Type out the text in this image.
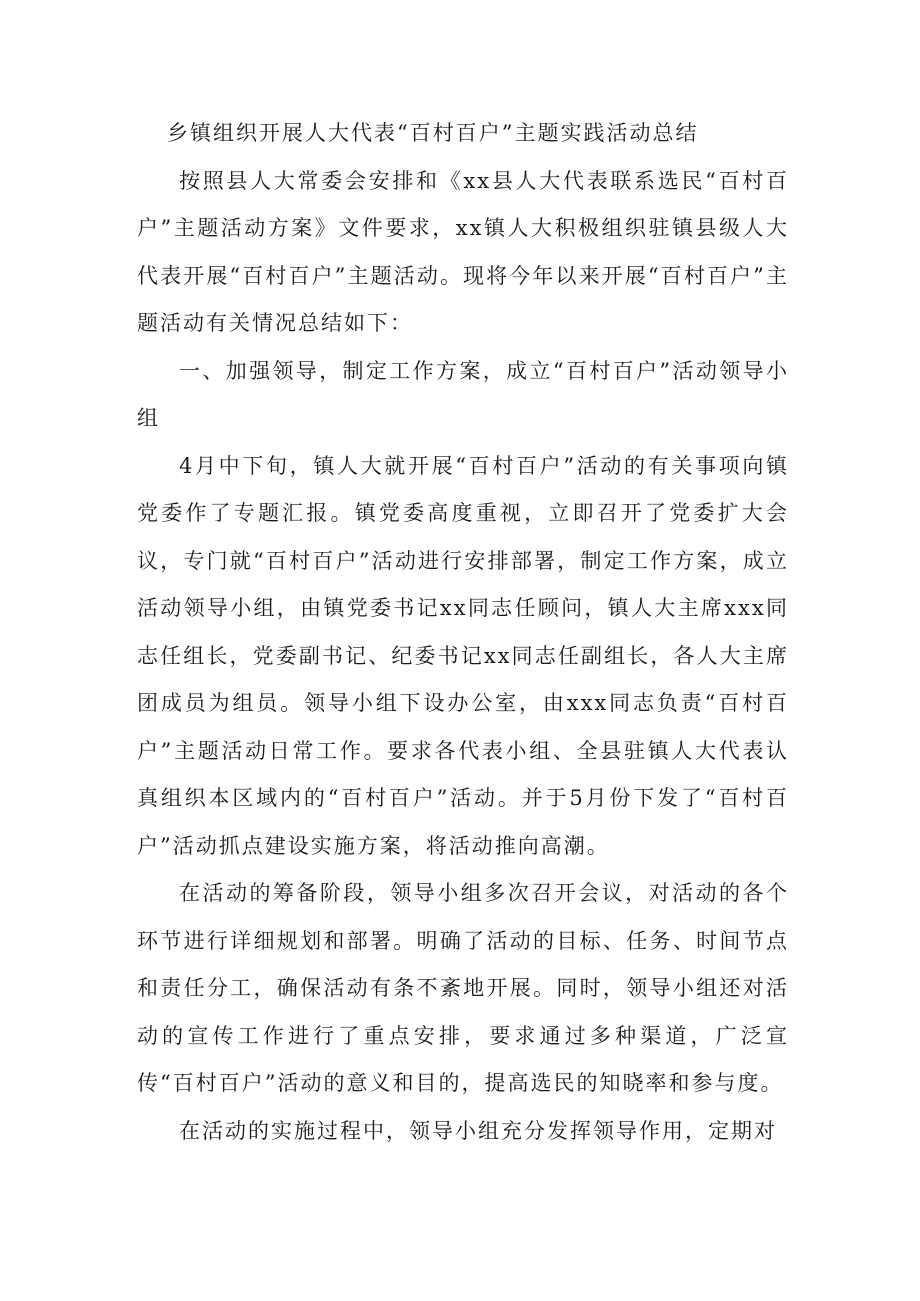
乡镇组织开展人大代表“百村百户”主题实践活动总结

按照县人大常委会安排和《xx县人大代表联系选民“百村百户”主题活动方案》文件要求，xx镇人大积极组织驻镇县级人大代表开展“百村百户”主题活动。现将今年以来开展“百村百户”主题活动有关情况总结如下：

一、加强领导，制定工作方案，成立“百村百户”活动领导小组

4月中下旬，镇人大就开展“百村百户”活动的有关事项向镇党委作了专题汇报。镇党委高度重视，立即召开了党委扩大会议，专门就“百村百户”活动进行安排部署，制定工作方案，成立活动领导小组，由镇党委书记xx同志任顾问，镇人大主席xxx同志任组长，党委副书记、纪委书记xx同志任副组长，各人大主席团成员为组员。领导小组下设办公室，由xxx同志负责“百村百户”主题活动日常工作。要求各代表小组、全县驻镇人大代表认真组织本区域内的“百村百户”活动。并于5月份下发了“百村百户”活动抓点建设实施方案，将活动推向高潮。

在活动的筹备阶段，领导小组多次召开会议，对活动的各个环节进行详细规划和部署。明确了活动的目标、任务、时间节点和责任分工，确保活动有条不紊地开展。同时，领导小组还对活动的宣传工作进行了重点安排，要求通过多种渠道，广泛宣传“百村百户”活动的意义和目的，提高选民的知晓率和参与度。

在活动的实施过程中，领导小组充分发挥领导作用，定期对
